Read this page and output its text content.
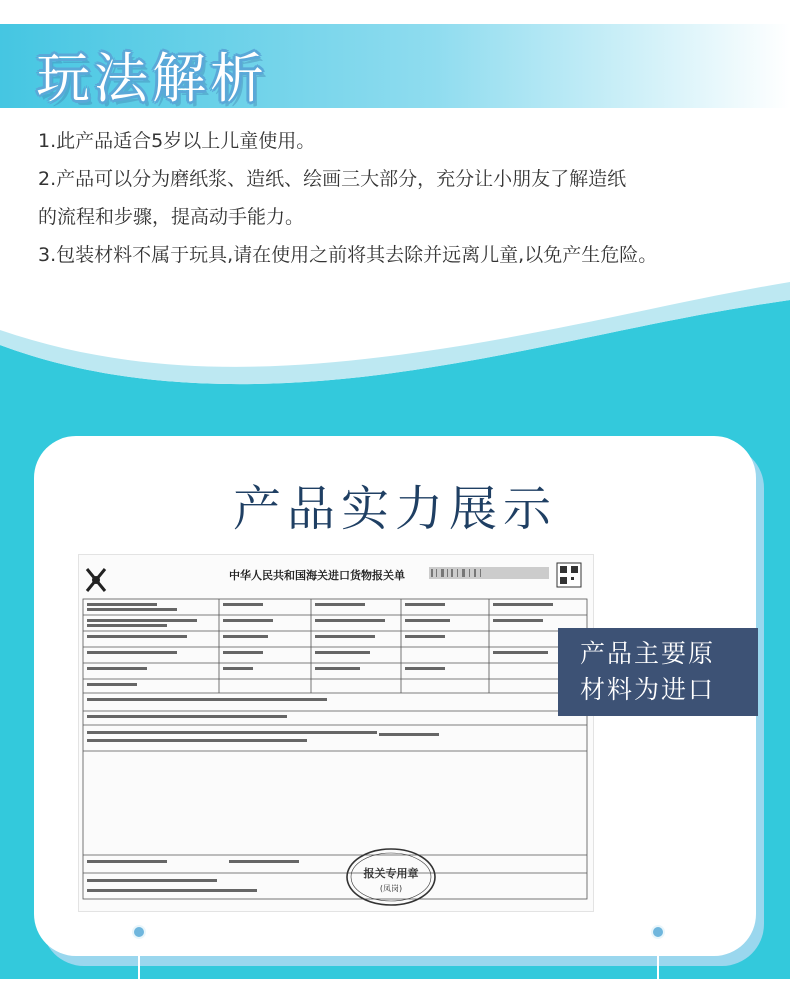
玩法解析

1.此产品适合5岁以上儿童使用。

2.产品可以分为磨纸浆、造纸、绘画三大部分，充分让小朋友了解造纸

的流程和步骤，提高动手能力。

3.包装材料不属于玩具,请在使用之前将其去除并远离儿童,以免产生危险。

产品实力展示
中华人民共和国海关进口货物报关单
报关专用章
(凤岗)
产品主要原
材料为进口
